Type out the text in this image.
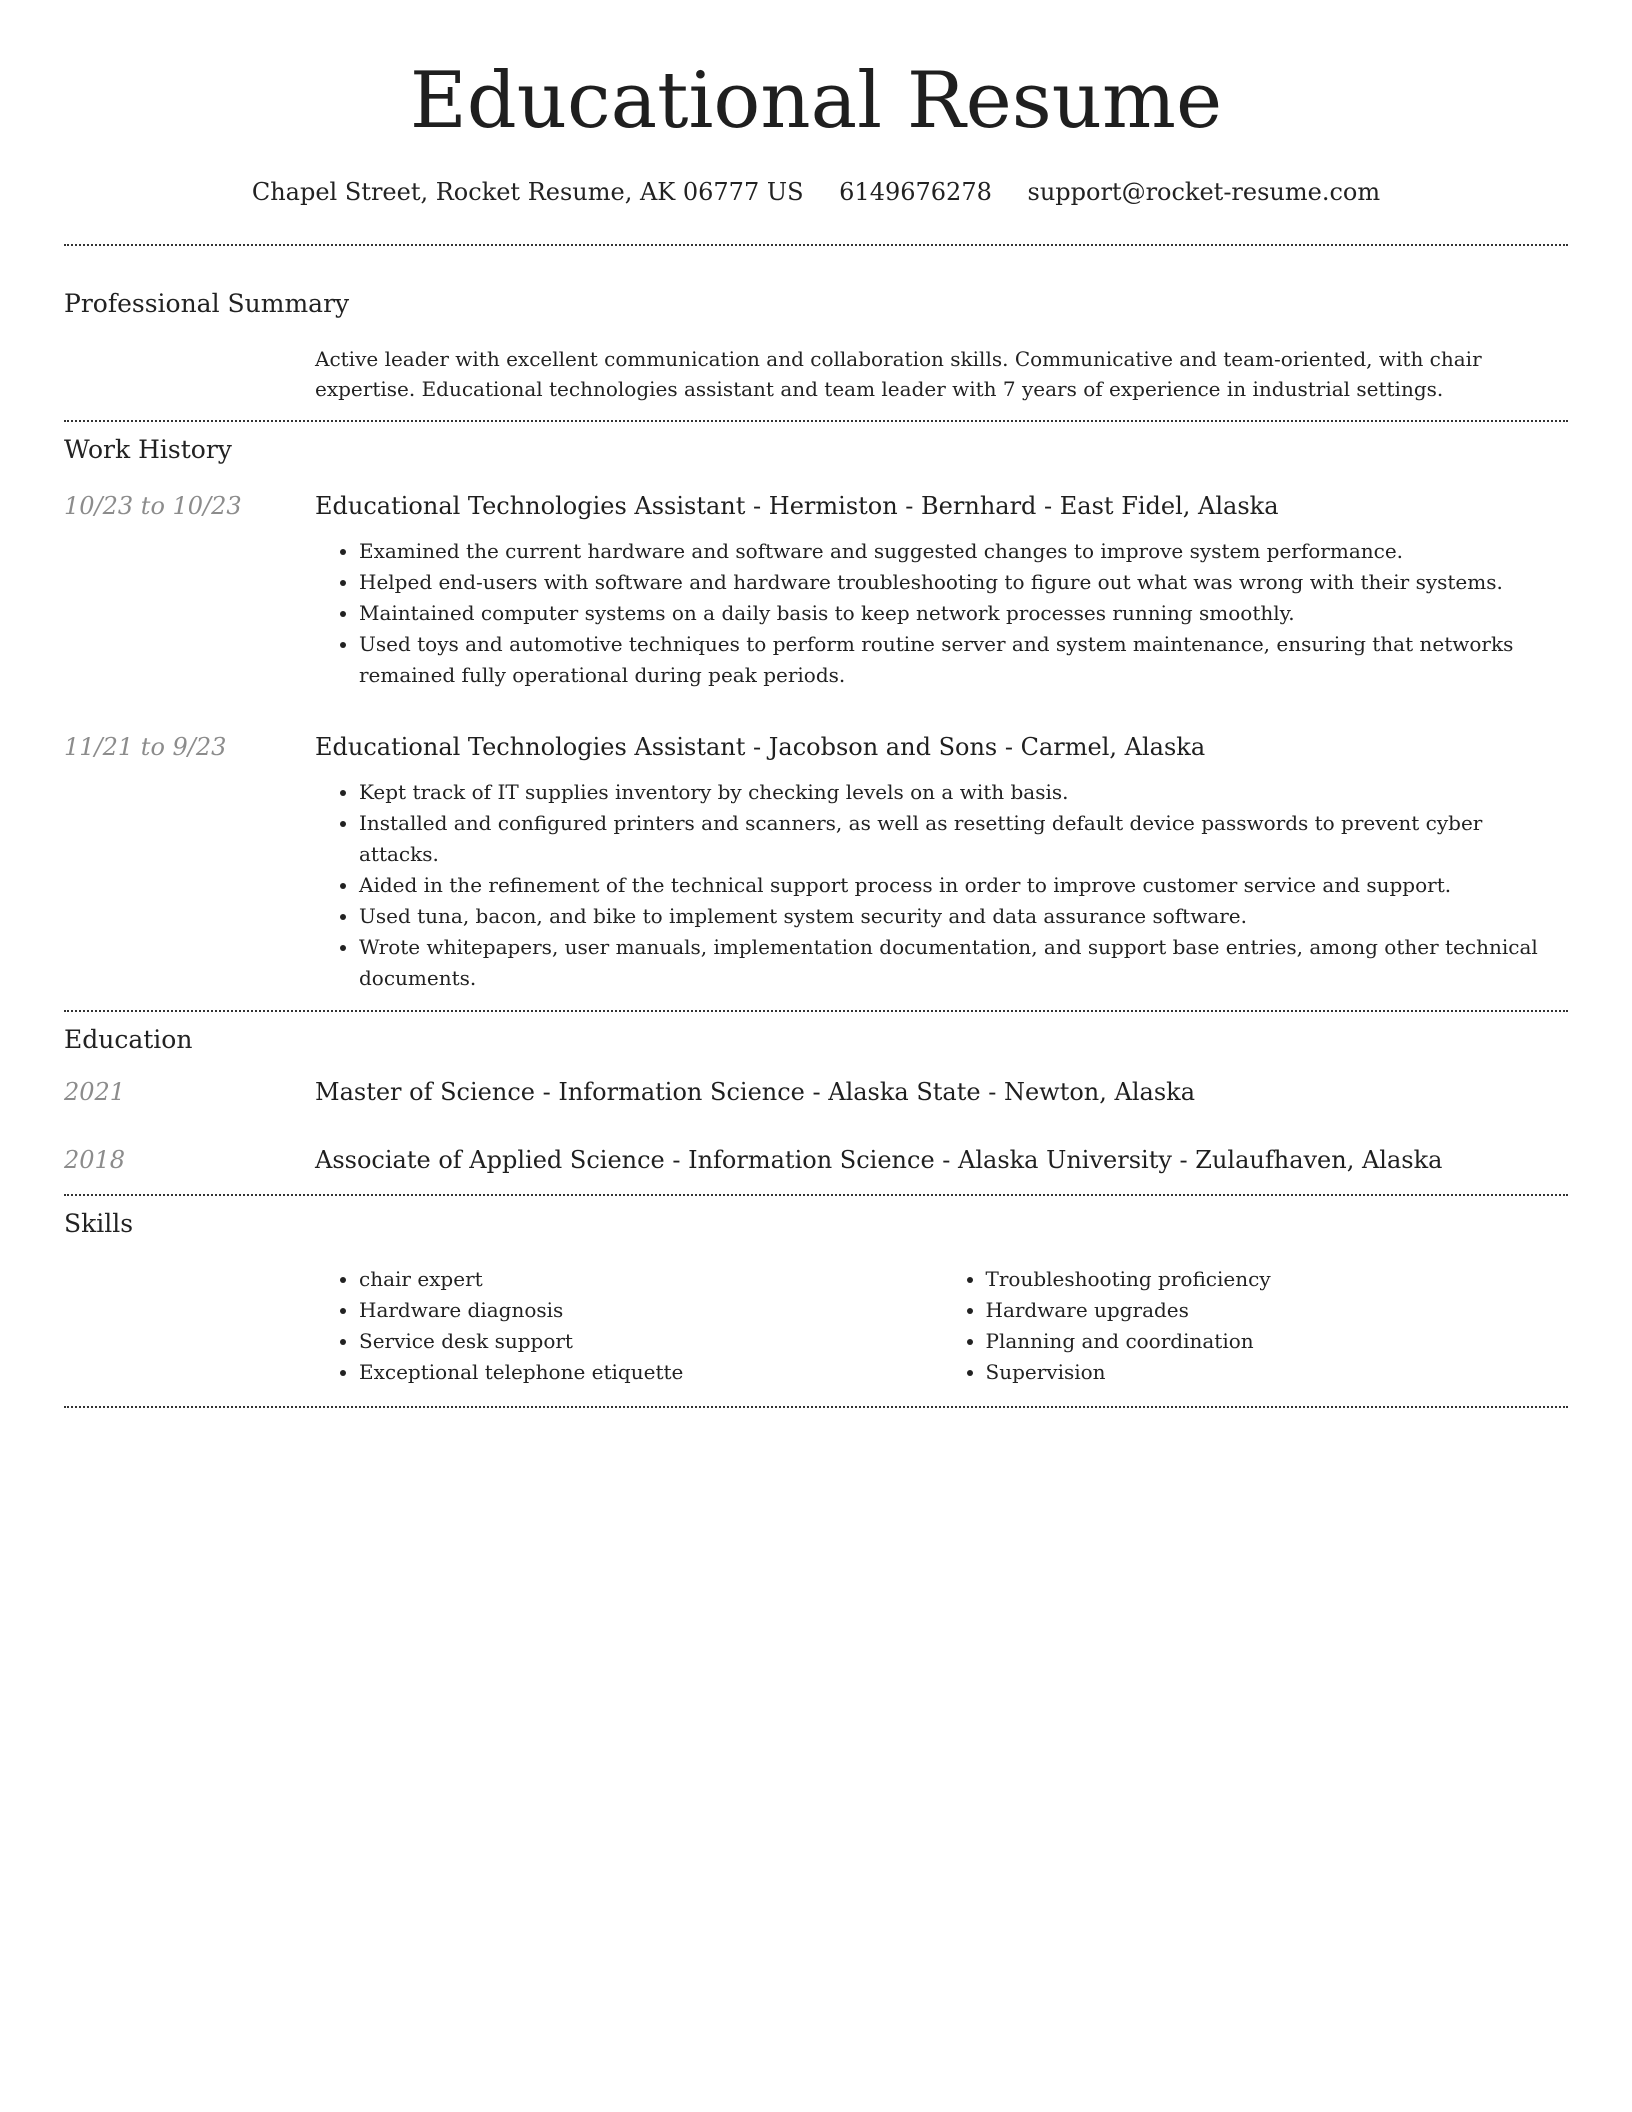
Educational Resume
Chapel Street, Rocket Resume, AK 06777 US 6149676278 support@rocket-resume.com
Professional Summary
Active leader with excellent communication and collaboration skills. Communicative and team-oriented, with chair expertise. Educational technologies assistant and team leader with 7 years of experience in industrial settings.
Work History
10/23 to 10/23	Educational Technologies Assistant - Hermiston - Bernhard - East Fidel, Alaska
• Examined the current hardware and software and suggested changes to improve system performance.
• Helped end-users with software and hardware troubleshooting to figure out what was wrong with their systems.
• Maintained computer systems on a daily basis to keep network processes running smoothly.
• Used toys and automotive techniques to perform routine server and system maintenance, ensuring that networks remained fully operational during peak periods.
11/21 to 9/23	Educational Technologies Assistant - Jacobson and Sons - Carmel, Alaska
• Kept track of IT supplies inventory by checking levels on a with basis.
• Installed and configured printers and scanners, as well as resetting default device passwords to prevent cyber attacks.
• Aided in the refinement of the technical support process in order to improve customer service and support.
• Used tuna, bacon, and bike to implement system security and data assurance software.
• Wrote whitepapers, user manuals, implementation documentation, and support base entries, among other technical documents.
Education
2021	Master of Science - Information Science - Alaska State - Newton, Alaska
2018	Associate of Applied Science - Information Science - Alaska University - Zulaufhaven, Alaska
Skills
• chair expert
• Hardware diagnosis
• Service desk support
• Exceptional telephone etiquette
• Troubleshooting proficiency
• Hardware upgrades
• Planning and coordination
• Supervision
